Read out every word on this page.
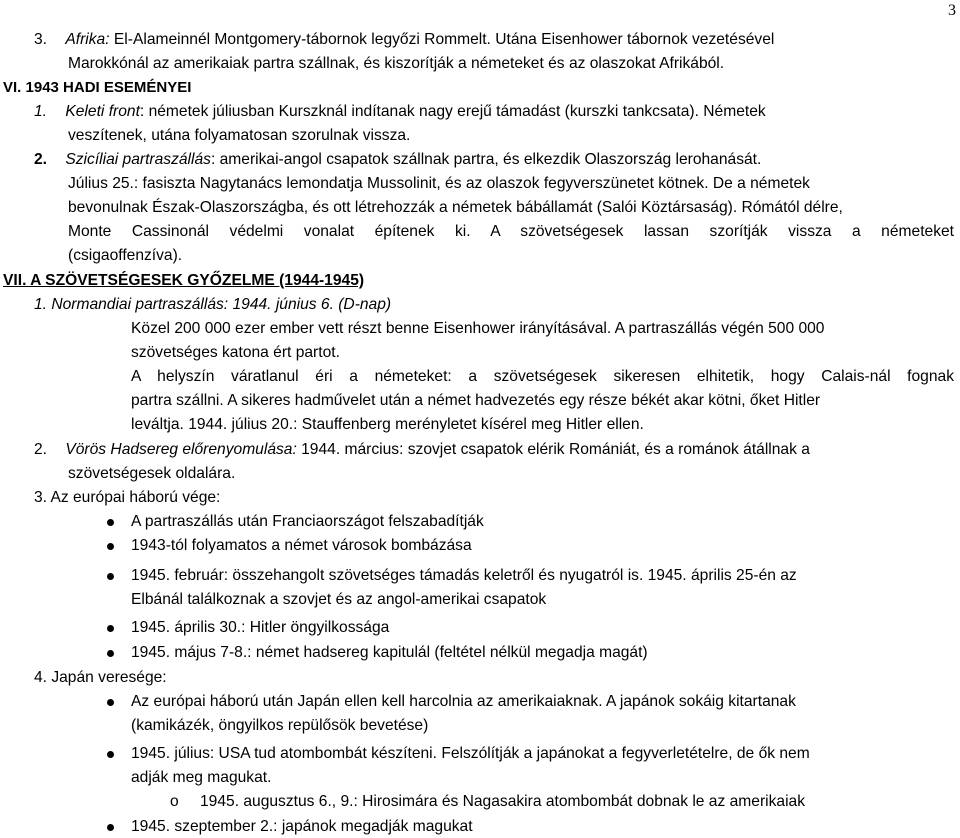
3
3. Afrika: El-Alameinnél Montgomery-tábornok legyőzi Rommelt. Utána Eisenhower tábornok vezetésével
Marokkónál az amerikaiak partra szállnak, és kiszorítják a németeket és az olaszokat Afrikából.
VI. 1943 HADI ESEMÉNYEI
1. Keleti front: németek júliusban Kurszknál indítanak nagy erejű támadást (kurszki tankcsata). Németek
veszítenek, utána folyamatosan szorulnak vissza.
2. Szicíliai partraszállás: amerikai-angol csapatok szállnak partra, és elkezdik Olaszország lerohanását.
Július 25.: fasiszta Nagytanács lemondatja Mussolinit, és az olaszok fegyverszünetet kötnek. De a németek
bevonulnak Észak-Olaszországba, és ott létrehozzák a németek bábállamát (Salói Köztársaság). Rómától délre,
Monte Cassinonál védelmi vonalat építenek ki. A szövetségesek lassan szorítják vissza a németeket
(csigaoffenzíva).
VII. A SZÖVETSÉGESEK GYŐZELME (1944-1945)
1. Normandiai partraszállás: 1944. június 6. (D-nap)
Közel 200 000 ezer ember vett részt benne Eisenhower irányításával. A partraszállás végén 500 000
szövetséges katona ért partot.
A helyszín váratlanul éri a németeket: a szövetségesek sikeresen elhitetik, hogy Calais-nál fognak
partra szállni. A sikeres hadművelet után a német hadvezetés egy része békét akar kötni, őket Hitler
leváltja. 1944. július 20.: Stauffenberg merényletet kísérel meg Hitler ellen.
2. Vörös Hadsereg előrenyomulása: 1944. március: szovjet csapatok elérik Romániát, és a románok átállnak a
szövetségesek oldalára.
3. Az európai háború vége:
A partraszállás után Franciaországot felszabadítják
1943-tól folyamatos a német városok bombázása
1945. február: összehangolt szövetséges támadás keletről és nyugatról is. 1945. április 25-én az
Elbánál találkoznak a szovjet és az angol-amerikai csapatok
1945. április 30.: Hitler öngyilkossága
1945. május 7-8.: német hadsereg kapitulál (feltétel nélkül megadja magát)
4. Japán veresége:
Az európai háború után Japán ellen kell harcolnia az amerikaiaknak. A japánok sokáig kitartanak
(kamikázék, öngyilkos repülősök bevetése)
1945. július: USA tud atombombát készíteni. Felszólítják a japánokat a fegyverletételre, de ők nem
adják meg magukat.
o 1945. augusztus 6., 9.: Hirosimára és Nagasakira atombombát dobnak le az amerikaiak
1945. szeptember 2.: japánok megadják magukat
